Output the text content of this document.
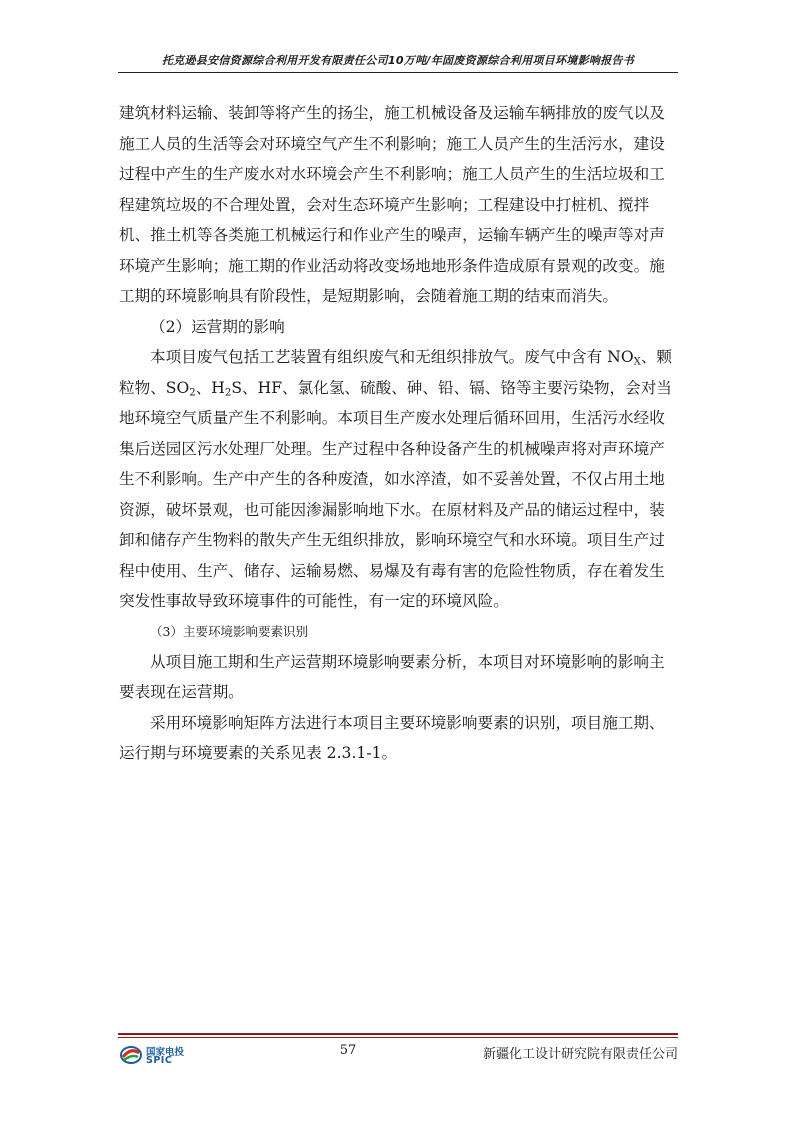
托克逊县安信资源综合利用开发有限责任公司10万吨/年固废资源综合利用项目环境影响报告书

建筑材料运输、装卸等将产生的扬尘，施工机械设备及运输车辆排放的废气以及施工人员的生活等会对环境空气产生不利影响；施工人员产生的生活污水，建设过程中产生的生产废水对水环境会产生不利影响；施工人员产生的生活垃圾和工程建筑垃圾的不合理处置，会对生态环境产生影响；工程建设中打桩机、搅拌机、推土机等各类施工机械运行和作业产生的噪声，运输车辆产生的噪声等对声环境产生影响；施工期的作业活动将改变场地地形条件造成原有景观的改变。施工期的环境影响具有阶段性，是短期影响，会随着施工期的结束而消失。

（2）运营期的影响

本项目废气包括工艺装置有组织废气和无组织排放气。废气中含有 $NO_X$、颗粒物、$SO_2$、$H_2S$、HF、氯化氢、硫酸、砷、铅、镉、铬等主要污染物，会对当地环境空气质量产生不利影响。本项目生产废水处理后循环回用，生活污水经收集后送园区污水处理厂处理。生产过程中各种设备产生的机械噪声将对声环境产生不利影响。生产中产生的各种废渣，如水淬渣，如不妥善处置，不仅占用土地资源，破坏景观，也可能因渗漏影响地下水。在原材料及产品的储运过程中，装卸和储存产生物料的散失产生无组织排放，影响环境空气和水环境。项目生产过程中使用、生产、储存、运输易燃、易爆及有毒有害的危险性物质，存在着发生突发性事故导致环境事件的可能性，有一定的环境风险。

（3）主要环境影响要素识别

从项目施工期和生产运营期环境影响要素分析，本项目对环境影响的影响主要表现在运营期。

采用环境影响矩阵方法进行本项目主要环境影响要素的识别，项目施工期、运行期与环境要素的关系见表 2.3.1-1。

国家电投
SPIC
57	新疆化工设计研究院有限责任公司
